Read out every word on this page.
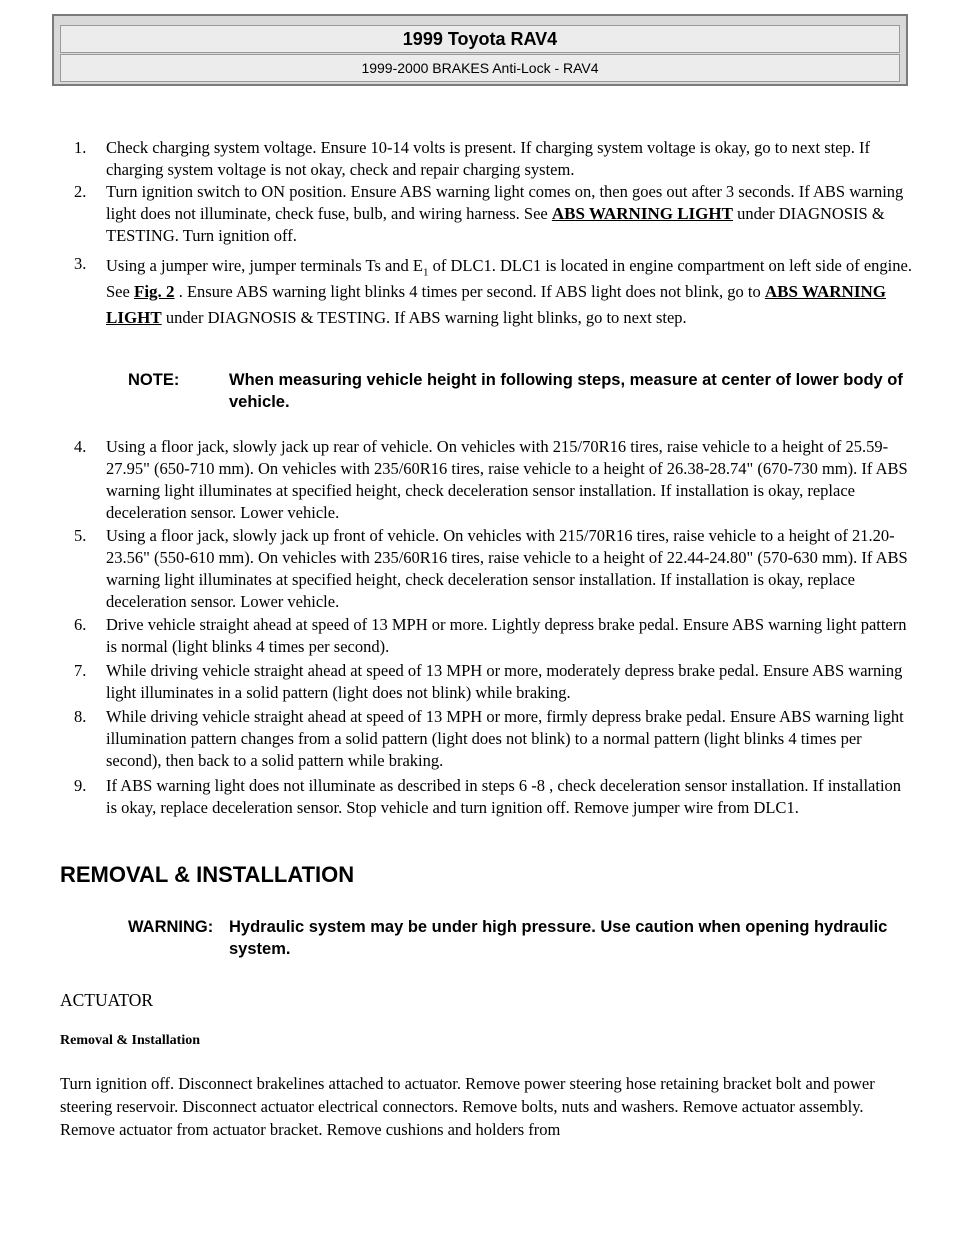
1999 Toyota RAV4
1999-2000 BRAKES Anti-Lock - RAV4
1.	Check charging system voltage. Ensure 10-14 volts is present. If charging system voltage is okay, go to next step. If charging system voltage is not okay, check and repair charging system.
2.	Turn ignition switch to ON position. Ensure ABS warning light comes on, then goes out after 3 seconds. If ABS warning light does not illuminate, check fuse, bulb, and wiring harness. See ABS WARNING LIGHT under DIAGNOSIS & TESTING. Turn ignition off.
3.	Using a jumper wire, jumper terminals Ts and $E_1$ of DLC1. DLC1 is located in engine compartment on left side of engine. See Fig. 2 . Ensure ABS warning light blinks 4 times per second. If ABS light does not blink, go to ABS WARNING LIGHT under DIAGNOSIS & TESTING. If ABS warning light blinks, go to next step.
NOTE:	When measuring vehicle height in following steps, measure at center of lower body of vehicle.
4.	Using a floor jack, slowly jack up rear of vehicle. On vehicles with 215/70R16 tires, raise vehicle to a height of 25.59-27.95" (650-710 mm). On vehicles with 235/60R16 tires, raise vehicle to a height of 26.38-28.74" (670-730 mm). If ABS warning light illuminates at specified height, check deceleration sensor installation. If installation is okay, replace deceleration sensor. Lower vehicle.
5.	Using a floor jack, slowly jack up front of vehicle. On vehicles with 215/70R16 tires, raise vehicle to a height of 21.20-23.56" (550-610 mm). On vehicles with 235/60R16 tires, raise vehicle to a height of 22.44-24.80" (570-630 mm). If ABS warning light illuminates at specified height, check deceleration sensor installation. If installation is okay, replace deceleration sensor. Lower vehicle.
6.	Drive vehicle straight ahead at speed of 13 MPH or more. Lightly depress brake pedal. Ensure ABS warning light pattern is normal (light blinks 4 times per second).
7.	While driving vehicle straight ahead at speed of 13 MPH or more, moderately depress brake pedal. Ensure ABS warning light illuminates in a solid pattern (light does not blink) while braking.
8.	While driving vehicle straight ahead at speed of 13 MPH or more, firmly depress brake pedal. Ensure ABS warning light illumination pattern changes from a solid pattern (light does not blink) to a normal pattern (light blinks 4 times per second), then back to a solid pattern while braking.
9.	If ABS warning light does not illuminate as described in steps 6 -8 , check deceleration sensor installation. If installation is okay, replace deceleration sensor. Stop vehicle and turn ignition off. Remove jumper wire from DLC1.
REMOVAL & INSTALLATION
WARNING: Hydraulic system may be under high pressure. Use caution when opening hydraulic system.
ACTUATOR
Removal & Installation
Turn ignition off. Disconnect brakelines attached to actuator. Remove power steering hose retaining bracket bolt and power steering reservoir. Disconnect actuator electrical connectors. Remove bolts, nuts and washers. Remove actuator assembly. Remove actuator from actuator bracket. Remove cushions and holders from
